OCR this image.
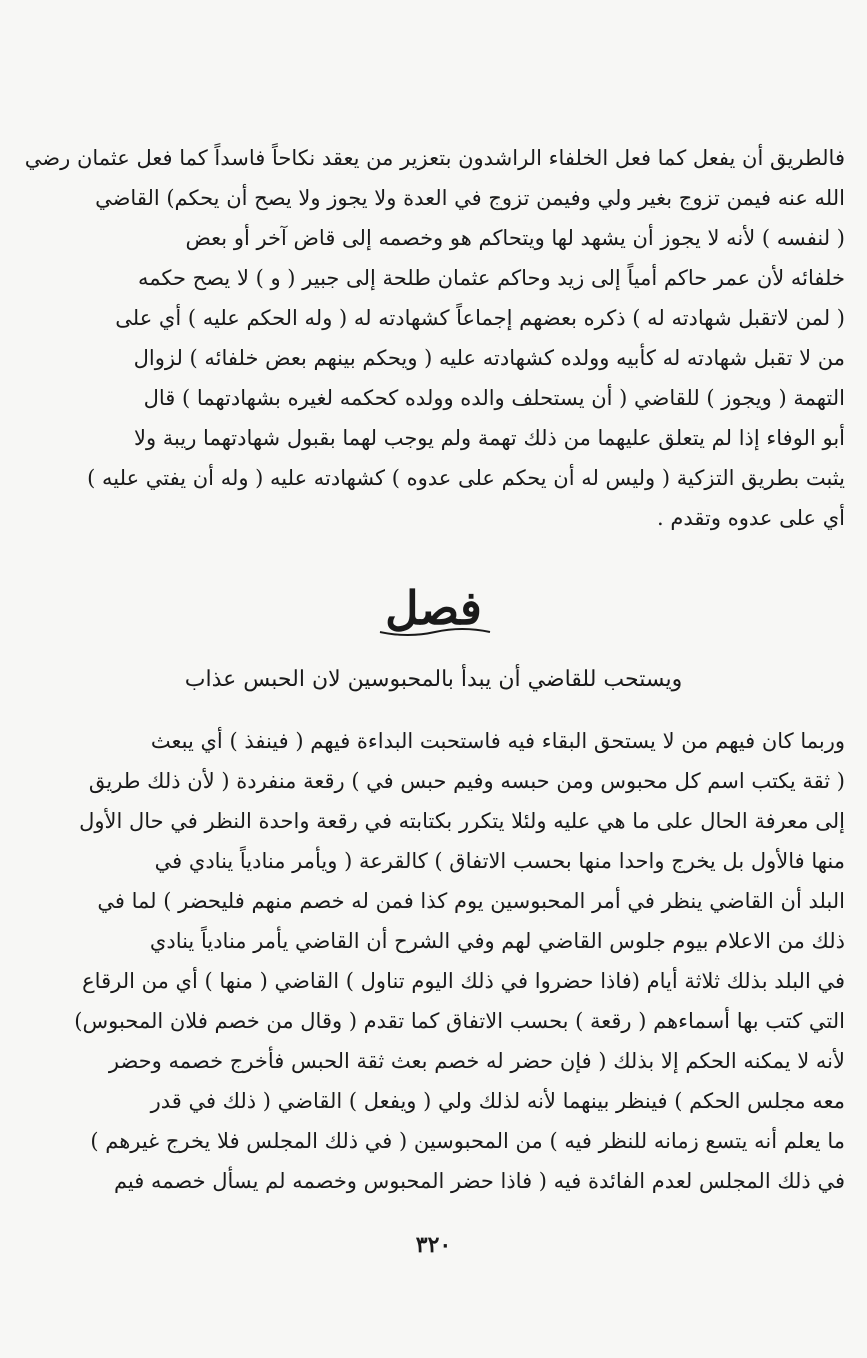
فالطريق أن يفعل كما فعل الخلفاء الراشدون بتعزير من يعقد نكاحاً فاسداً كما فعل عثمان رضي
الله عنه فيمن تزوج بغير ولي وفيمن تزوج في العدة ولا يجوز ولا يصح أن يحكم) القاضي
( لنفسه ) لأنه لا يجوز أن يشهد لها ويتحاكم هو وخصمه إلى قاض آخر أو بعض
خلفائه لأن عمر حاكم أمياً إلى زيد وحاكم عثمان طلحة إلى جبير ( و ) لا يصح حكمه
( لمن لاتقبل شهادته له ) ذكره بعضهم إجماعاً كشهادته له ( وله الحكم عليه ) أي على
من لا تقبل شهادته له كأبيه وولده كشهادته عليه ( ويحكم بينهم بعض خلفائه ) لزوال
التهمة ( ويجوز ) للقاضي ( أن يستحلف والده وولده كحكمه لغيره بشهادتهما ) قال
أبو الوفاء إذا لم يتعلق عليهما من ذلك تهمة ولم يوجب لهما بقبول شهادتهما ريبة ولا
يثبت بطريق التزكية ( وليس له أن يحكم على عدوه ) كشهادته عليه ( وله أن يفتي عليه )
أي على عدوه وتقدم .
فصل
ويستحب للقاضي أن يبدأ بالمحبوسين لان الحبس عذاب
وربما كان فيهم من لا يستحق البقاء فيه فاستحبت البداءة فيهم ( فينفذ ) أي يبعث
( ثقة يكتب اسم كل محبوس ومن حبسه وفيم حبس في ) رقعة منفردة ( لأن ذلك طريق
إلى معرفة الحال على ما هي عليه ولئلا يتكرر بكتابته في رقعة واحدة النظر في حال الأول
منها فالأول بل يخرج واحدا منها بحسب الاتفاق ) كالقرعة ( ويأمر منادياً ينادي في
البلد أن القاضي ينظر في أمر المحبوسين يوم كذا فمن له خصم منهم فليحضر ) لما في
ذلك من الاعلام بيوم جلوس القاضي لهم وفي الشرح أن القاضي يأمر منادياً ينادي
في البلد بذلك ثلاثة أيام (فاذا حضروا في ذلك اليوم تناول ) القاضي ( منها ) أي من الرقاع
التي كتب بها أسماءهم ( رقعة ) بحسب الاتفاق كما تقدم ( وقال من خصم فلان المحبوس)
لأنه لا يمكنه الحكم إلا بذلك ( فإن حضر له خصم بعث ثقة الحبس فأخرج خصمه وحضر
معه مجلس الحكم ) فينظر بينهما لأنه لذلك ولي ( ويفعل ) القاضي ( ذلك في قدر
ما يعلم أنه يتسع زمانه للنظر فيه ) من المحبوسين ( في ذلك المجلس فلا يخرج غيرهم )
في ذلك المجلس لعدم الفائدة فيه ( فاذا حضر المحبوس وخصمه لم يسأل خصمه فيم
٣٢٠
